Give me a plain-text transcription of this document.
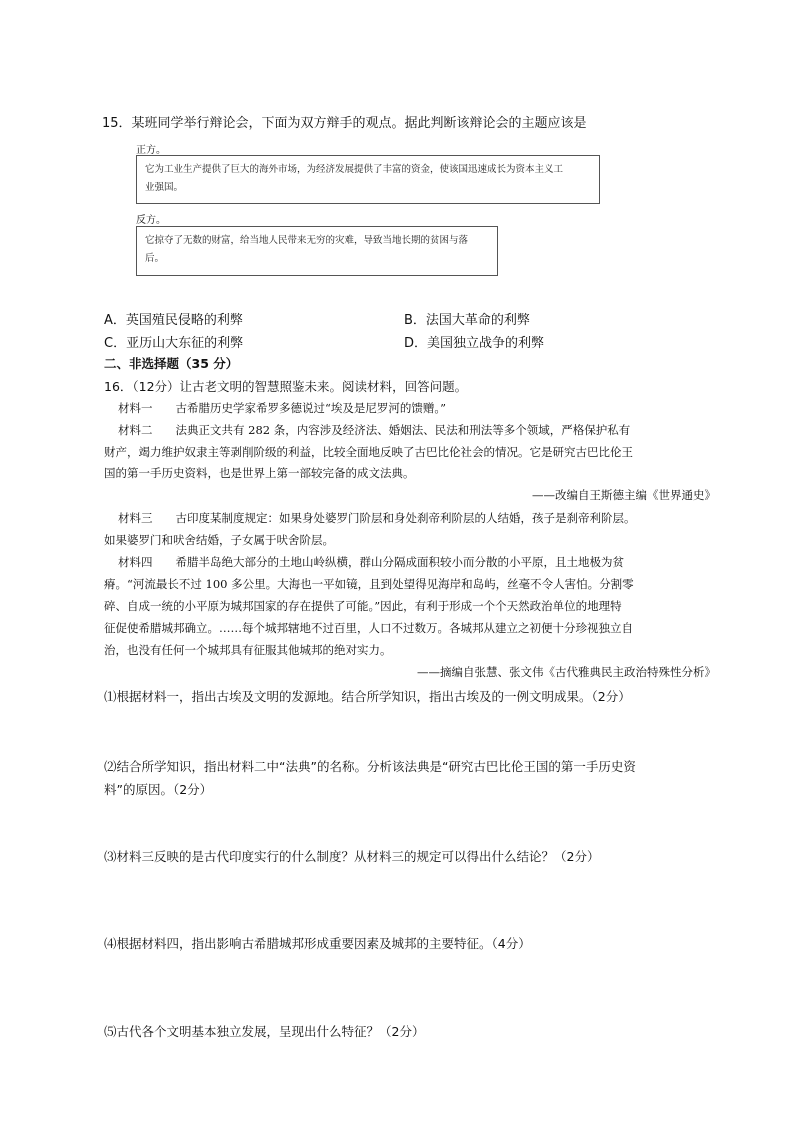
15．某班同学举行辩论会，下面为双方辩手的观点。据此判断该辩论会的主题应该是
正方。
它为工业生产提供了巨大的海外市场，为经济发展提供了丰富的资金，使该国迅速成长为资本主义工
业强国。
反方。
它掠夺了无数的财富，给当地人民带来无穷的灾难，导致当地长期的贫困与落
后。
A．英国殖民侵略的利弊	B．法国大革命的利弊
C．亚历山大东征的利弊	D．美国独立战争的利弊
二、非选择题（35 分）
16．（12分）让古老文明的智慧照鉴未来。阅读材料，回答问题。
材料一　　古希腊历史学家希罗多德说过“埃及是尼罗河的馈赠。”
材料二　　法典正文共有 282 条，内容涉及经济法、婚姻法、民法和刑法等多个领域，严格保护私有
财产，竭力维护奴隶主等剥削阶级的利益，比较全面地反映了古巴比伦社会的情况。它是研究古巴比伦王
国的第一手历史资料，也是世界上第一部较完备的成文法典。
——改编自王斯德主编《世界通史》
材料三　　古印度某制度规定：如果身处婆罗门阶层和身处刹帝利阶层的人结婚，孩子是刹帝利阶层。
如果婆罗门和吠舍结婚，子女属于吠舍阶层。
材料四　　希腊半岛绝大部分的土地山岭纵横，群山分隔成面积较小而分散的小平原，且土地极为贫
瘠。“河流最长不过 100 多公里。大海也一平如镜，且到处望得见海岸和岛屿，丝毫不令人害怕。分割零
碎、自成一统的小平原为城邦国家的存在提供了可能。”因此，有利于形成一个个天然政治单位的地理特
征促使希腊城邦确立。……每个城邦辖地不过百里，人口不过数万。各城邦从建立之初便十分珍视独立自
治，也没有任何一个城邦具有征服其他城邦的绝对实力。
——摘编自张慧、张文伟《古代雅典民主政治特殊性分析》
⑴根据材料一，指出古埃及文明的发源地。结合所学知识，指出古埃及的一例文明成果。（2分）
⑵结合所学知识，指出材料二中“法典”的名称。分析该法典是“研究古巴比伦王国的第一手历史资
料”的原因。（2分）
⑶材料三反映的是古代印度实行的什么制度？从材料三的规定可以得出什么结论？（2分）
⑷根据材料四，指出影响古希腊城邦形成重要因素及城邦的主要特征。（4分）
⑸古代各个文明基本独立发展，呈现出什么特征？（2分）
